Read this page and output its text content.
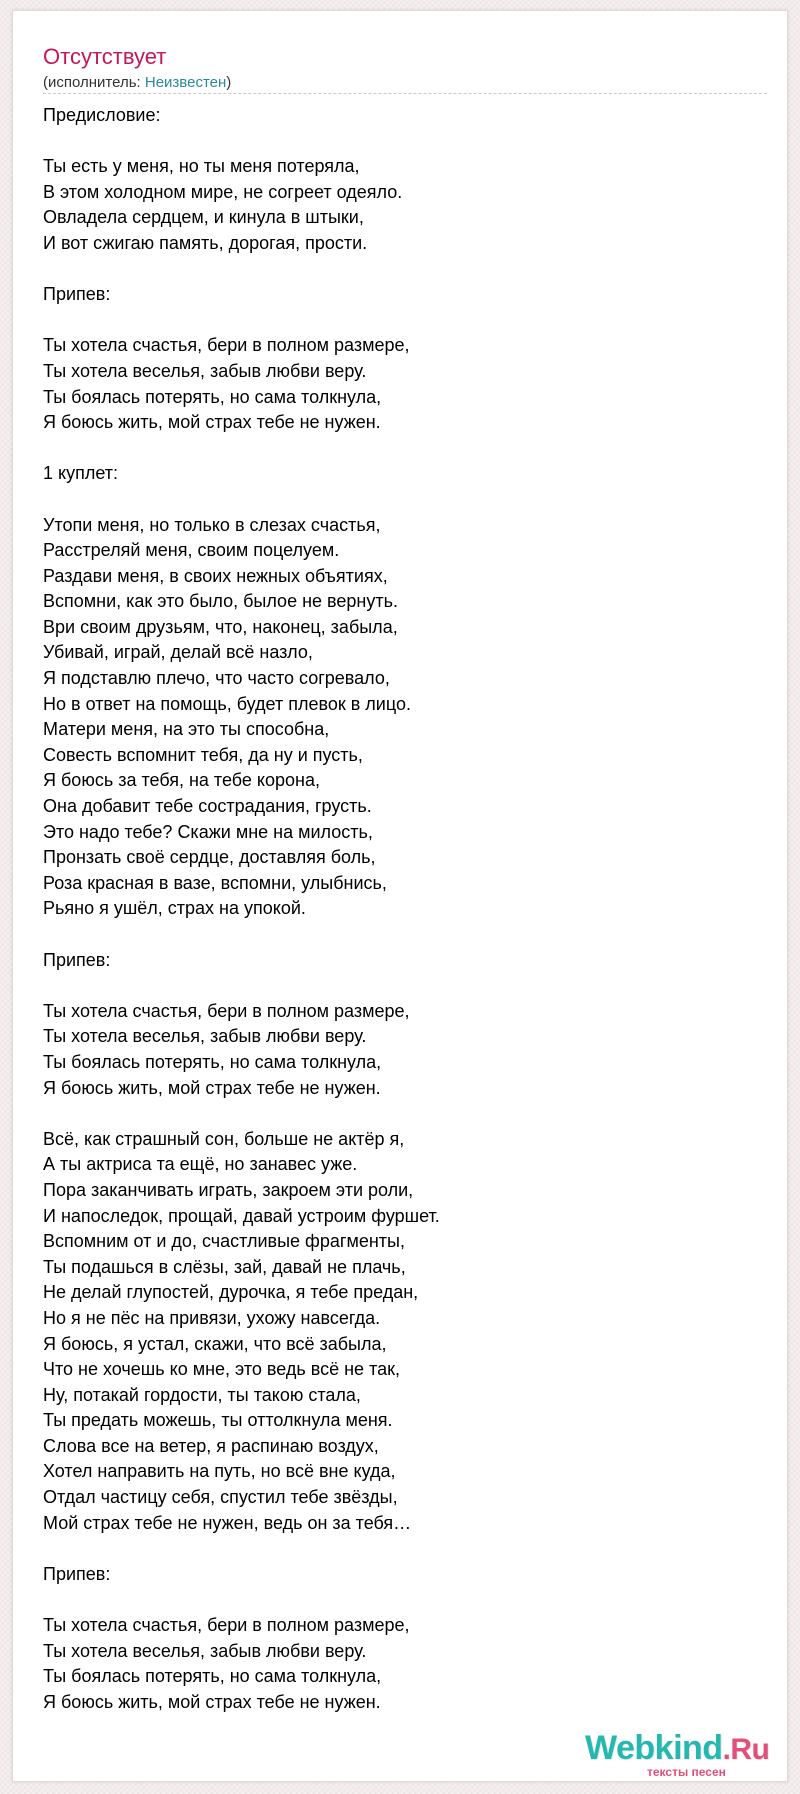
Отсутствует
(исполнитель: Неизвестен)
Предисловие:
Ты есть у меня, но ты меня потеряла,
В этом холодном мире, не согреет одеяло.
Овладела сердцем, и кинула в штыки,
И вот сжигаю память, дорогая, прости.
Припев:
Ты хотела счастья, бери в полном размере,
Ты хотела веселья, забыв любви веру.
Ты боялась потерять, но сама толкнула,
Я боюсь жить, мой страх тебе не нужен.
1 куплет:
Утопи меня, но только в слезах счастья,
Расстреляй меня, своим поцелуем.
Раздави меня, в своих нежных объятиях,
Вспомни, как это было, былое не вернуть.
Ври своим друзьям, что, наконец, забыла,
Убивай, играй, делай всё назло,
Я подставлю плечо, что часто согревало,
Но в ответ на помощь, будет плевок в лицо.
Матери меня, на это ты способна,
Совесть вспомнит тебя, да ну и пусть,
Я боюсь за тебя, на тебе корона,
Она добавит тебе сострадания, грусть.
Это надо тебе? Скажи мне на милость,
Пронзать своё сердце, доставляя боль,
Роза красная в вазе, вспомни, улыбнись,
Рьяно я ушёл, страх на упокой.
Припев:
Ты хотела счастья, бери в полном размере,
Ты хотела веселья, забыв любви веру.
Ты боялась потерять, но сама толкнула,
Я боюсь жить, мой страх тебе не нужен.
Всё, как страшный сон, больше не актёр я,
А ты актриса та ещё, но занавес уже.
Пора заканчивать играть, закроем эти роли,
И напоследок, прощай, давай устроим фуршет.
Вспомним от и до, счастливые фрагменты,
Ты подашься в слёзы, зай, давай не плачь,
Не делай глупостей, дурочка, я тебе предан,
Но я не пёс на привязи, ухожу навсегда.
Я боюсь, я устал, скажи, что всё забыла,
Что не хочешь ко мне, это ведь всё не так,
Ну, потакай гордости, ты такою стала,
Ты предать можешь, ты оттолкнула меня.
Слова все на ветер, я распинаю воздух,
Хотел направить на путь, но всё вне куда,
Отдал частицу себя, спустил тебе звёзды,
Мой страх тебе не нужен, ведь он за тебя…
Припев:
Ты хотела счастья, бери в полном размере,
Ты хотела веселья, забыв любви веру.
Ты боялась потерять, но сама толкнула,
Я боюсь жить, мой страх тебе не нужен.
Webkind.Ru
тексты песен
